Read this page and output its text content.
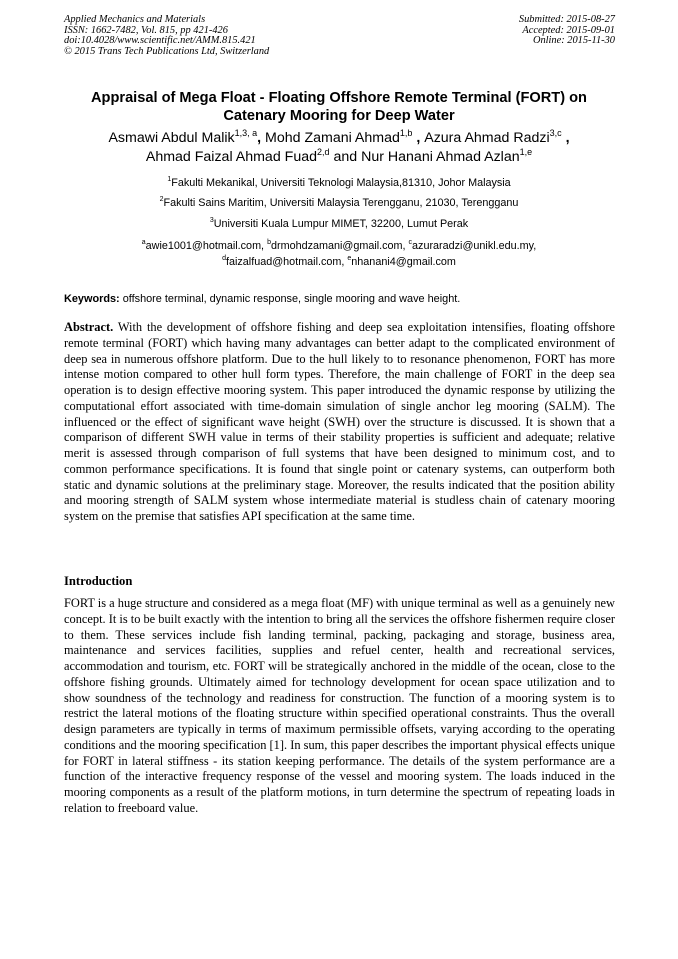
Applied Mechanics and Materials
ISSN: 1662-7482, Vol. 815, pp 421-426
doi:10.4028/www.scientific.net/AMM.815.421
© 2015 Trans Tech Publications Ltd, Switzerland
Submitted: 2015-08-27
Accepted: 2015-09-01
Online: 2015-11-30
Appraisal of Mega Float - Floating Offshore Remote Terminal (FORT) on
Catenary Mooring for Deep Water
Asmawi Abdul Malik$^{1,3, a}$, Mohd Zamani Ahmad$^{1,b}$ , Azura Ahmad Radzi$^{3,c}$ ,
Ahmad Faizal Ahmad Fuad$^{2,d}$ and Nur Hanani Ahmad Azlan$^{1,e}$
$^1$Fakulti Mekanikal, Universiti Teknologi Malaysia,81310, Johor Malaysia
$^2$Fakulti Sains Maritim, Universiti Malaysia Terengganu, 21030, Terengganu
$^3$Universiti Kuala Lumpur MIMET, 32200, Lumut Perak
$^a$awie1001@hotmail.com, $^b$drmohdzamani@gmail.com, $^c$azuraradzi@unikl.edu.my,
$^d$faizalfuad@hotmail.com, $^e$nhanani4@gmail.com
Keywords: offshore terminal, dynamic response, single mooring and wave height.
Abstract. With the development of offshore fishing and deep sea exploitation intensifies, floating offshore remote terminal (FORT) which having many advantages can better adapt to the complicated environment of deep sea in numerous offshore platform. Due to the hull likely to to resonance phenomenon, FORT has more intense motion compared to other hull form types. Therefore, the main challenge of FORT in the deep sea operation is to design effective mooring system. This paper introduced the dynamic response by utilizing the computational effort associated with time-domain simulation of single anchor leg mooring (SALM). The influenced or the effect of significant wave height (SWH) over the structure is discussed. It is shown that a comparison of different SWH value in terms of their stability properties is sufficient and adequate; relative merit is assessed through comparison of full systems that have been designed to minimum cost, and to common performance specifications. It is found that single point or catenary systems, can outperform both static and dynamic solutions at the preliminary stage. Moreover, the results indicated that the position ability and mooring strength of SALM system whose intermediate material is studless chain of catenary mooring system on the premise that satisfies API specification at the same time.
Introduction
FORT is a huge structure and considered as a mega float (MF) with unique terminal as well as a genuinely new concept. It is to be built exactly with the intention to bring all the services the offshore fishermen require closer to them. These services include fish landing terminal, packing, packaging and storage, business area, maintenance and services facilities, supplies and refuel center, health and recreational services, accommodation and tourism, etc. FORT will be strategically anchored in the middle of the ocean, close to the offshore fishing grounds. Ultimately aimed for technology development for ocean space utilization and to show soundness of the technology and readiness for construction. The function of a mooring system is to restrict the lateral motions of the floating structure within specified operational constraints. Thus the overall design parameters are typically in terms of maximum permissible offsets, varying according to the operating conditions and the mooring specification [1]. In sum, this paper describes the important physical effects unique for FORT in lateral stiffness - its station keeping performance. The details of the system performance are a function of the interactive frequency response of the vessel and mooring system. The loads induced in the mooring components as a result of the platform motions, in turn determine the spectrum of repeating loads in relation to freeboard value.
